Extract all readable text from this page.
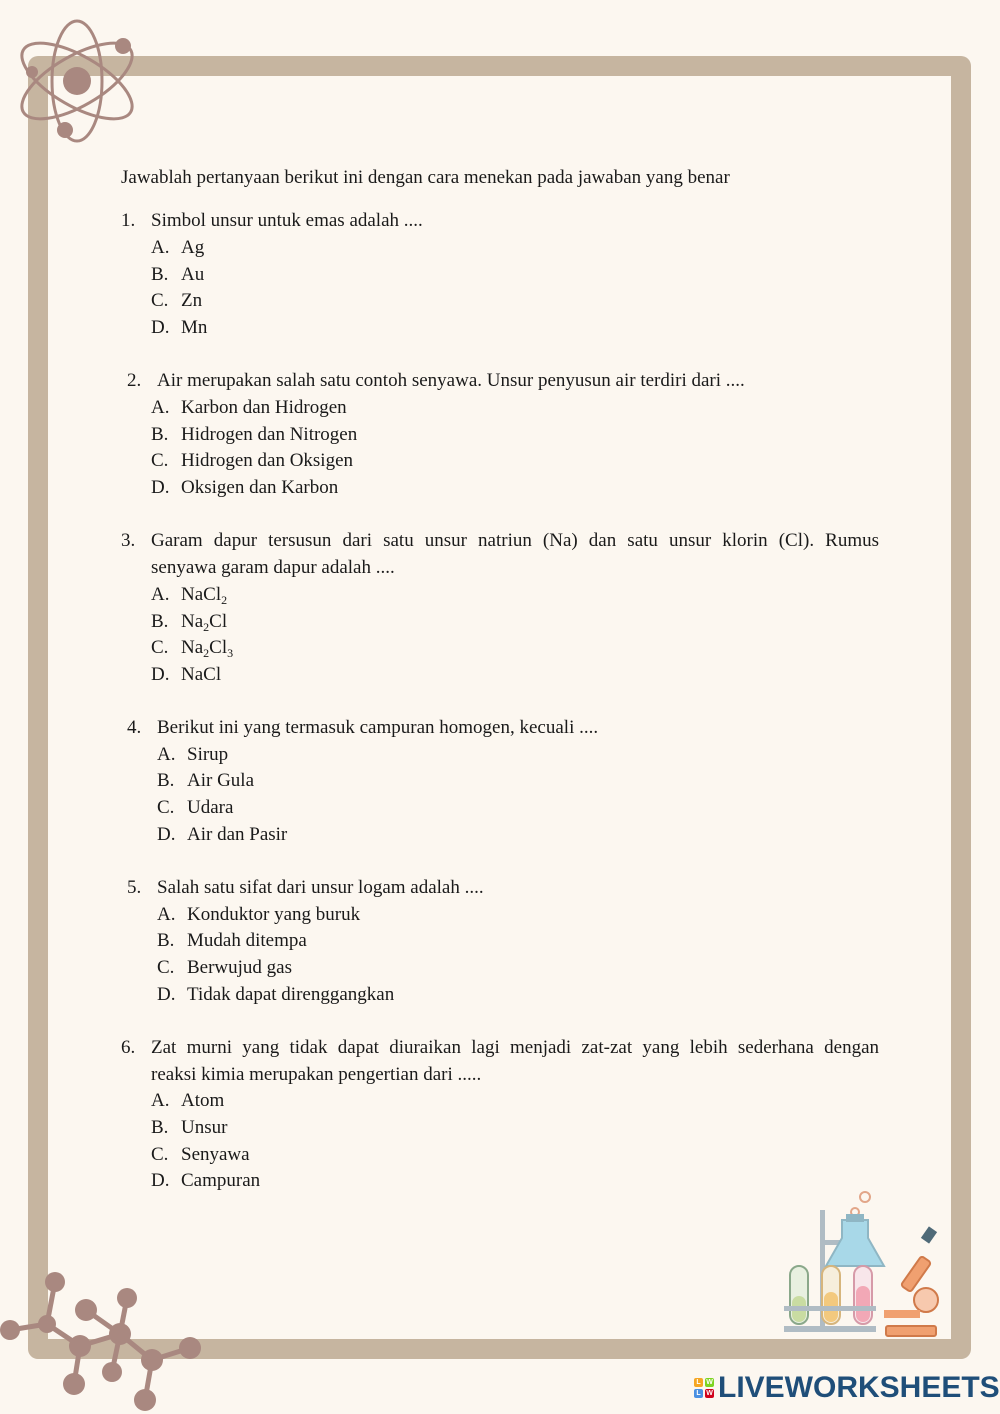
Jawablah pertanyaan berikut ini dengan cara menekan pada jawaban yang benar
1. Simbol unsur untuk emas adalah ....
A. Ag
B. Au
C. Zn
D. Mn
2. Air merupakan salah satu contoh senyawa. Unsur penyusun air terdiri dari ....
A. Karbon dan Hidrogen
B. Hidrogen dan Nitrogen
C. Hidrogen dan Oksigen
D. Oksigen dan Karbon
3. Garam dapur tersusun dari satu unsur natriun (Na) dan satu unsur klorin (Cl). Rumus
senyawa garam dapur adalah ....
A. NaCl$_2$
B. $Na_2Cl$
C. $Na_2Cl_3$
D. NaCl
4. Berikut ini yang termasuk campuran homogen, kecuali ....
A. Sirup
B. Air Gula
C. Udara
D. Air dan Pasir
5. Salah satu sifat dari unsur logam adalah ....
A. Konduktor yang buruk
B. Mudah ditempa
C. Berwujud gas
D. Tidak dapat direnggangkan
6. Zat murni yang tidak dapat diuraikan lagi menjadi zat-zat yang lebih sederhana dengan
reaksi kimia merupakan pengertian dari .....
A. Atom
B. Unsur
C. Senyawa
D. Campuran
L W
L W LIVEWORKSHEETS
